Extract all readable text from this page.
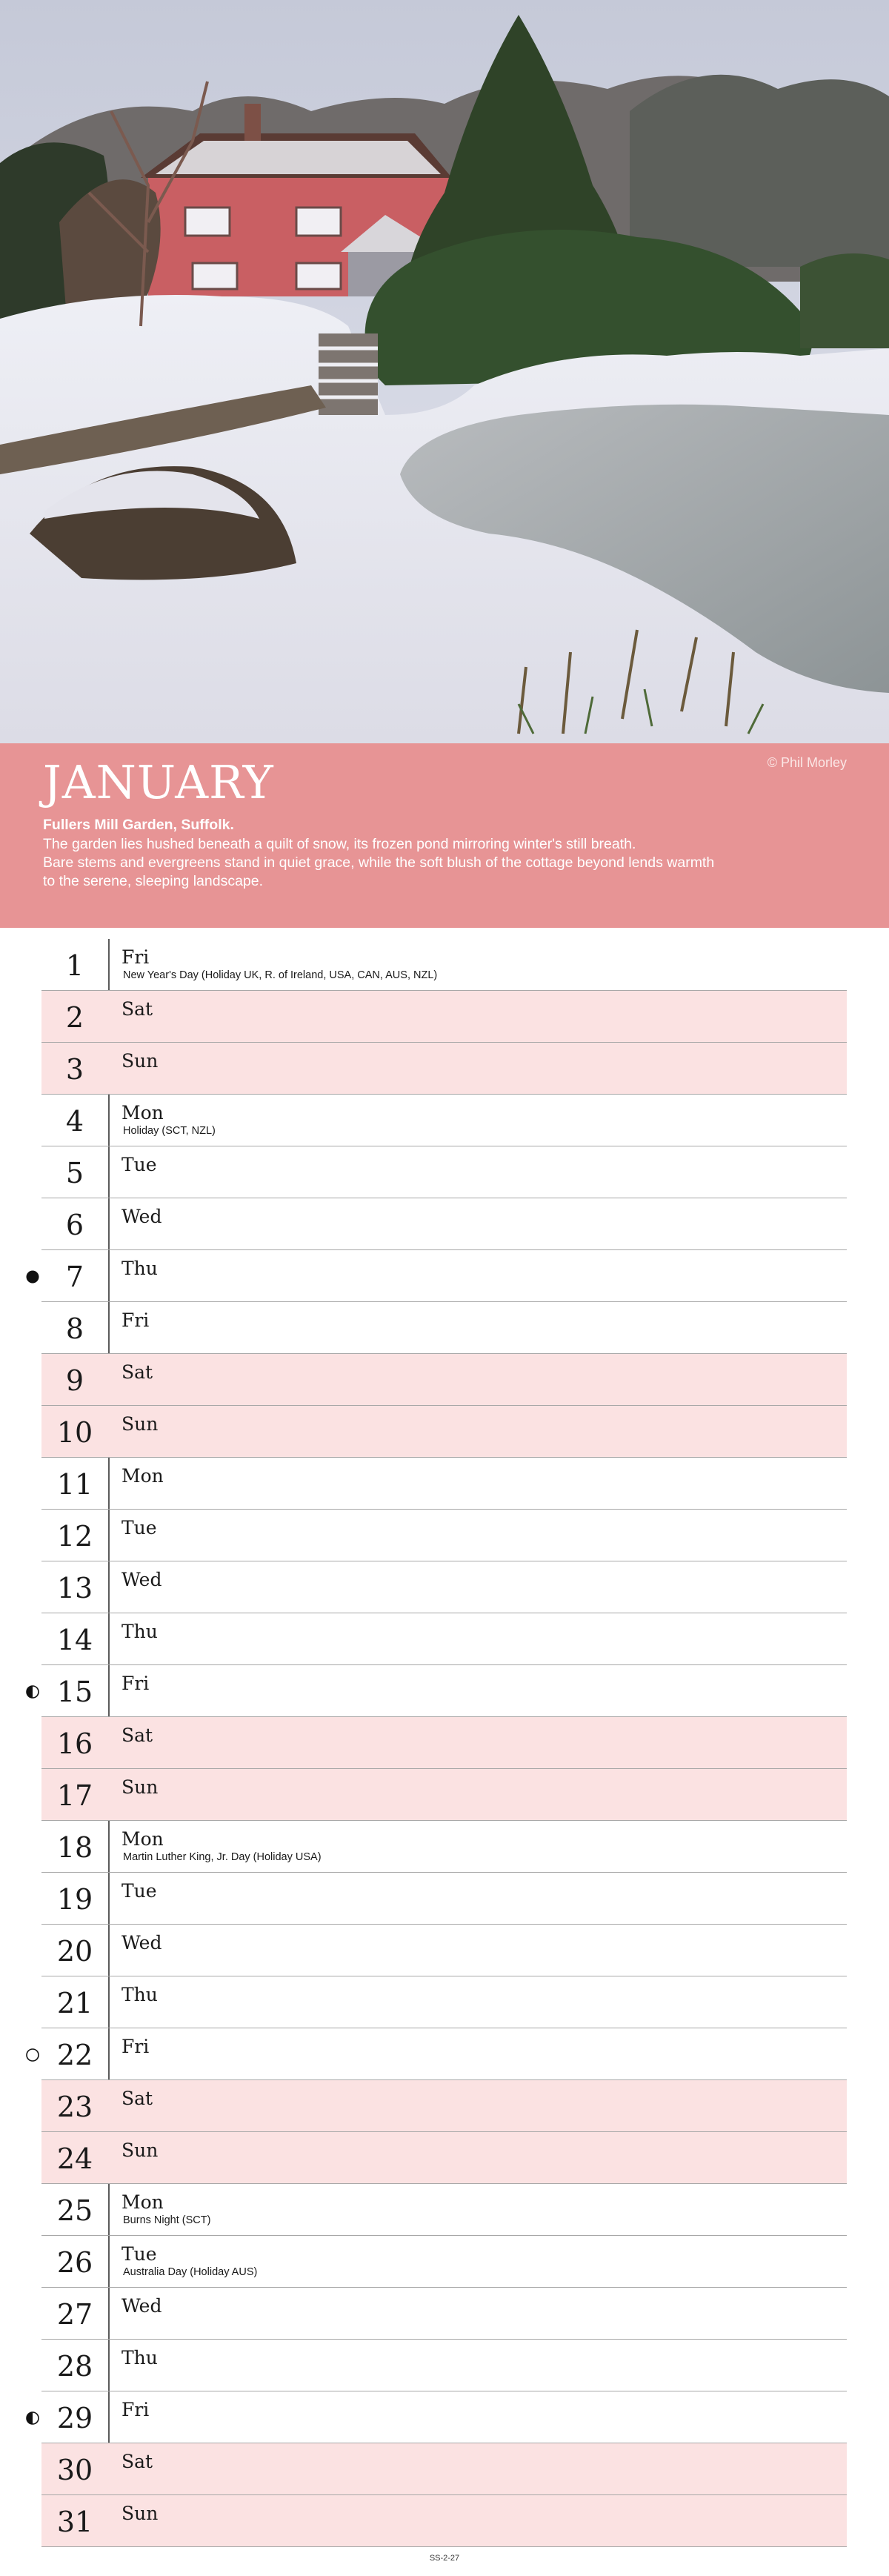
JANUARY	© Phil Morley
Fullers Mill Garden, Suffolk.
The garden lies hushed beneath a quilt of snow, its frozen pond mirroring winter's still breath.
Bare stems and evergreens stand in quiet grace, while the soft blush of the cottage beyond lends warmth
to the serene, sleeping landscape.
1	Fri
New Year's Day (Holiday UK, R. of Ireland, USA, CAN, AUS, NZL)
2	Sat
3	Sun
4	Mon
Holiday (SCT, NZL)
5	Tue
6	Wed
7	Thu
8	Fri
9	Sat
10	Sun
11	Mon
12	Tue
13	Wed
14	Thu
15	Fri
16	Sat
17	Sun
18	Mon
Martin Luther King, Jr. Day (Holiday USA)
19	Tue
20	Wed
21	Thu
22	Fri
23	Sat
24	Sun
25	Mon
Burns Night (SCT)
26	Tue
Australia Day (Holiday AUS)
27	Wed
28	Thu
29	Fri
30	Sat
31	Sun
SS-2-27
